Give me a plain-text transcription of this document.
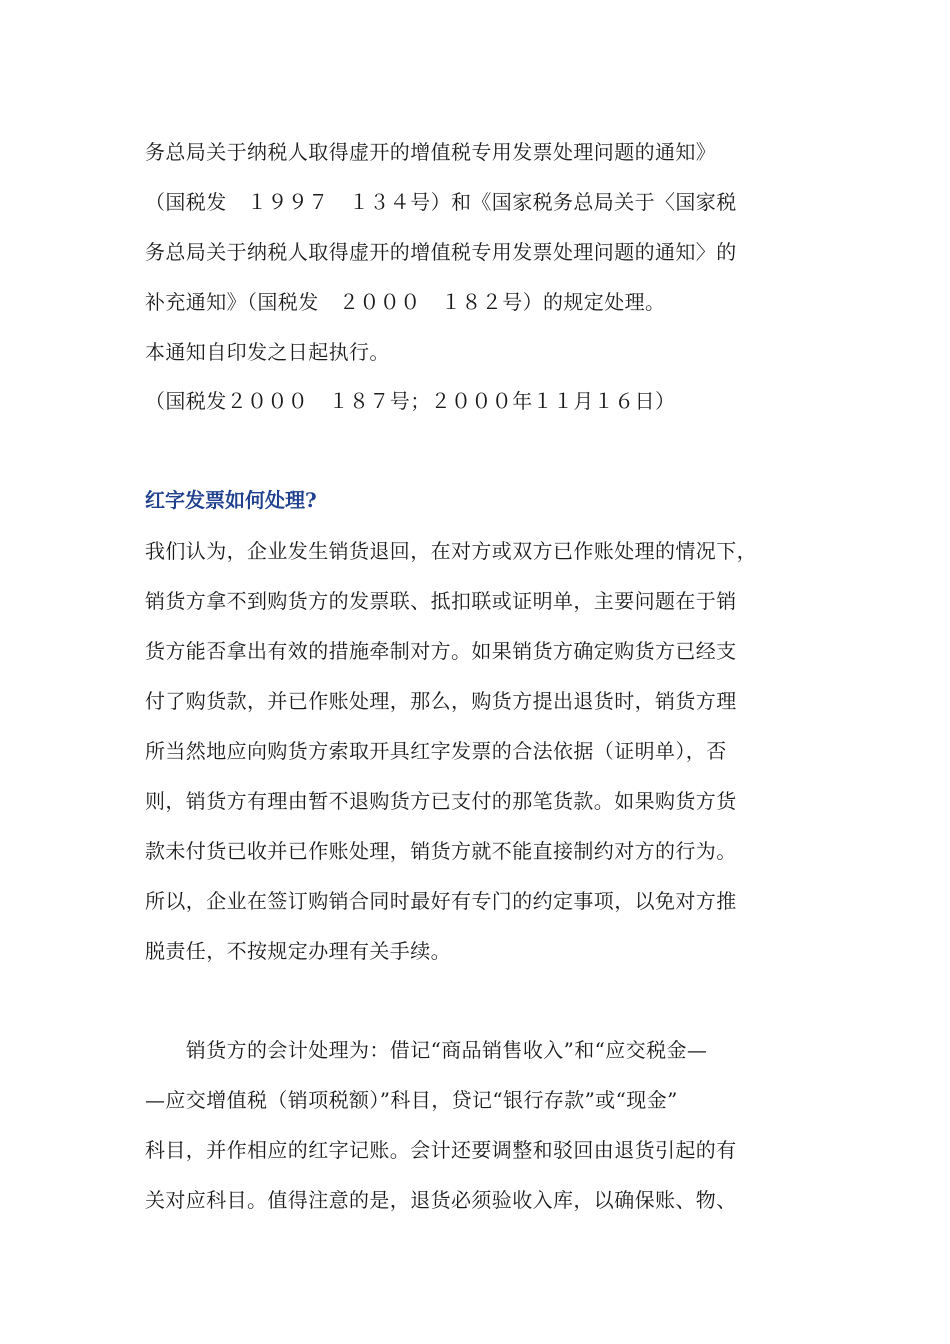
务总局关于纳税人取得虚开的增值税专用发票处理问题的通知》
（国税发　１９９７　１３４号）和《国家税务总局关于〈国家税
务总局关于纳税人取得虚开的增值税专用发票处理问题的通知〉的
补充通知》（国税发　２０００　１８２号）的规定处理。
本通知自印发之日起执行。
（国税发２０００　１８７号；２０００年１１月１６日）
红字发票如何处理?
我们认为，企业发生销货退回，在对方或双方已作账处理的情况下，
销货方拿不到购货方的发票联、抵扣联或证明单，主要问题在于销
货方能否拿出有效的措施牵制对方。如果销货方确定购货方已经支
付了购货款，并已作账处理，那么，购货方提出退货时，销货方理
所当然地应向购货方索取开具红字发票的合法依据（证明单），否
则，销货方有理由暂不退购货方已支付的那笔货款。如果购货方货
款未付货已收并已作账处理，销货方就不能直接制约对方的行为。
所以，企业在签订购销合同时最好有专门的约定事项，以免对方推
脱责任，不按规定办理有关手续。
　　销货方的会计处理为：借记“商品销售收入”和“应交税金—
—应交增值税（销项税额）”科目，贷记“银行存款”或“现金”
科目，并作相应的红字记账。会计还要调整和驳回由退货引起的有
关对应科目。值得注意的是，退货必须验收入库，以确保账、物、
